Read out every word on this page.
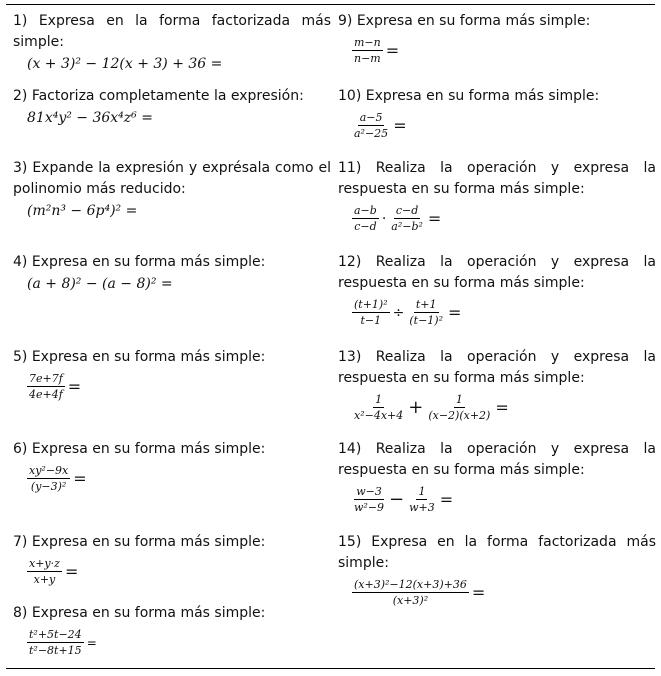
1) Expresa en la forma factorizada más simple:

(x + 3)² − 12(x + 3) + 36 =

2) Factoriza completamente la expresión:

81x⁴y² − 36x⁴z⁶ =

3) Expande la expresión y exprésala como el polinomio más reducido:

(m²n³ − 6p⁴)² =

4) Expresa en su forma más simple:

(a + 8)² − (a − 8)² =

5) Expresa en su forma más simple:

$\frac{7e+7f}{4e+4f}$ =

6) Expresa en su forma más simple:

$\frac{\text{xy²−9x}}{\text{(y−3)²}}$ =

7) Expresa en su forma más simple:

$\frac{x+y\cdot z}{x+y}$ =

8) Expresa en su forma más simple:

$\frac{\text{t²+5t−24}}{\text{t²−8t+15}}$ =

9) Expresa en su forma más simple:

$\frac{m-n}{n-m}$ =

10) Expresa en su forma más simple:

$\frac{a-5}{\text{a²−25}}$ =

11) Realiza la operación y expresa la respuesta en su forma más simple:

$\frac{a-b}{c-d} \cdot \frac{c-d}{\text{a²−b²}}$ =

12) Realiza la operación y expresa la respuesta en su forma más simple:

$\frac{\text{(t+1)²}}{t-1} \div \frac{t+1}{\text{(t−1)²}}$ =

13) Realiza la operación y expresa la respuesta en su forma más simple:

$\frac{1}{\text{x²−4x+4}} + \frac{1}{(x-2)(x+2)}$ =

14) Realiza la operación y expresa la respuesta en su forma más simple:

$\frac{w-3}{\text{w²−9}} - \frac{1}{w+3}$ =

15) Expresa en la forma factorizada más simple:

$\frac{\text{(x+3)²−12(x+3)+36}}{\text{(x+3)²}}$ =
